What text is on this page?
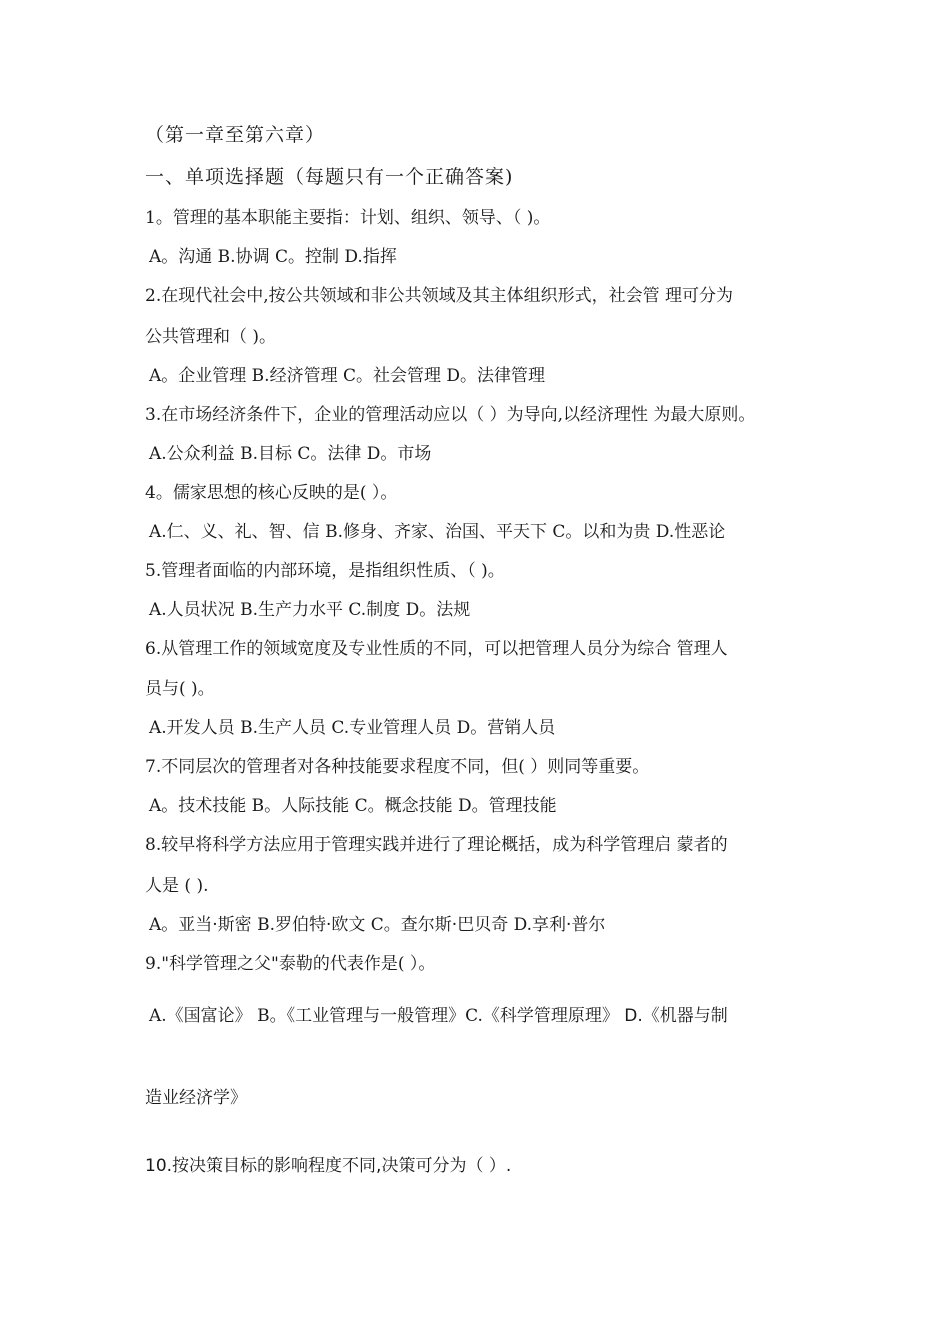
（第一章至第六章）
一、单项选择题（每题只有一个正确答案)
1。管理的基本职能主要指：计划、组织、领导、（ )。
A。沟通 B.协调 C。控制 D.指挥
2.在现代社会中,按公共领域和非公共领域及其主体组织形式，社会管 理可分为
公共管理和（ )。
A。企业管理 B.经济管理 C。社会管理 D。法律管理
3.在市场经济条件下，企业的管理活动应以（ ）为导向,以经济理性 为最大原则。
A.公众利益 B.目标 C。法律 D。市场
4。儒家思想的核心反映的是( ）。
A.仁、义、礼、智、信 B.修身、齐家、治国、平天下 C。以和为贵 D.性恶论
5.管理者面临的内部环境，是指组织性质、（ )。
A.人员状况 B.生产力水平 C.制度 D。法规
6.从管理工作的领域宽度及专业性质的不同，可以把管理人员分为综合 管理人
员与( )。
A.开发人员 B.生产人员 C.专业管理人员 D。营销人员
7.不同层次的管理者对各种技能要求程度不同，但( ）则同等重要。
A。技术技能 B。人际技能 C。概念技能 D。管理技能
8.较早将科学方法应用于管理实践并进行了理论概括，成为科学管理启 蒙者的
人是 ( ).
A。亚当·斯密 B.罗伯特·欧文 C。查尔斯·巴贝奇 D.享利·普尔
9."科学管理之父"泰勒的代表作是( ）。
A.《国富论》 B。《工业管理与一般管理》C.《科学管理原理》 D.《机器与制
造业经济学》
10.按决策目标的影响程度不同,决策可分为（ ）.
